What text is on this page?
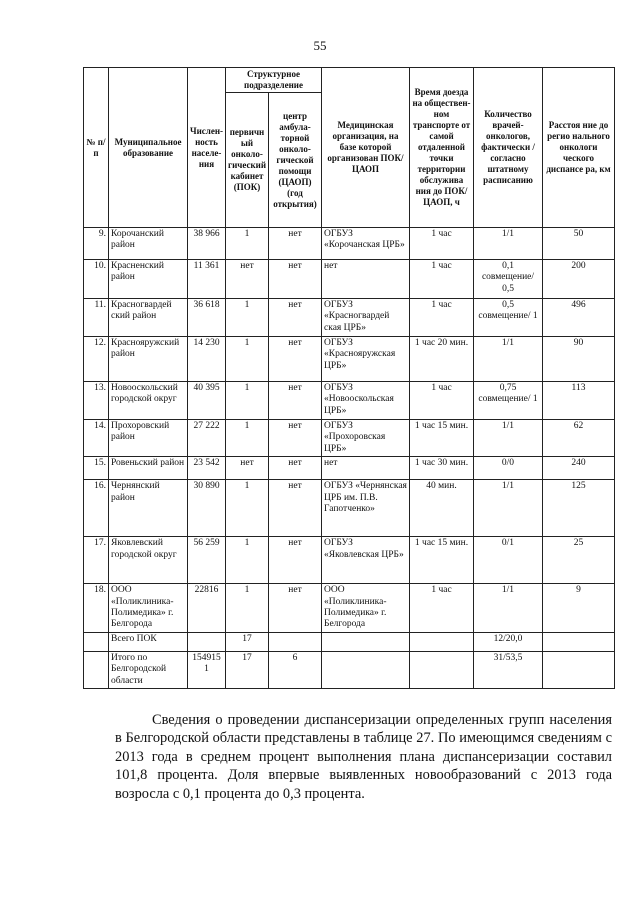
55
№ п/п	Муниципальное образование	Числен-ность населе-ния	Структурное подразделение		Медицинская организация, на базе которой организован ПОК/ЦАОП	Время доезда на обществен-ном транспорте от самой отдаленной точки территории обслужива ния до ПОК/ ЦАОП, ч	Количество врачей-онкологов, фактически /согласно штатному расписанию	Расстоя ние до регио нального онкологи ческого диспансе ра, км
			первичный онколо-гический кабинет (ПОК)	центр амбула-торной онколо-гической помощи (ЦАОП) (год открытия)				
9.	Корочанский район	38 966	1	нет	ОГБУЗ «Корочанская ЦРБ»	1 час	1/1	50
10.	Красненский район	11 361	нет	нет	нет	1 час	0,1 совмещение/ 0,5	200
11.	Красногвардей ский район	36 618	1	нет	ОГБУЗ «Красногвардей ская ЦРБ»	1 час	0,5 совмещение/ 1	496
12.	Краснояружский район	14 230	1	нет	ОГБУЗ «Краснояружская ЦРБ»	1 час 20 мин.	1/1	90
13.	Новооскольский городской округ	40 395	1	нет	ОГБУЗ «Новооскольская ЦРБ»	1 час	0,75 совмещение/ 1	113
14.	Прохоровский район	27 222	1	нет	ОГБУЗ «Прохоровская ЦРБ»	1 час 15 мин.	1/1	62
15.	Ровеньский район	23 542	нет	нет	нет	1 час 30 мин.	0/0	240
16.	Чернянский район	30 890	1	нет	ОГБУЗ «Чернянская ЦРБ им. П.В. Гапотченко»	40 мин.	1/1	125
17.	Яковлевский городской округ	56 259	1	нет	ОГБУЗ «Яковлевская ЦРБ»	1 час 15 мин.	0/1	25
18.	ООО «Поликлиника-Полимедика» г. Белгорода	22816	1	нет	ООО «Поликлиника-Полимедика» г. Белгорода	1 час	1/1	9
	Всего ПОК		17				12/20,0	
	Итого по Белгородской области	1549151	17	6			31/53,5	
Сведения о проведении диспансеризации определенных групп населения в Белгородской области представлены в таблице 27. По имеющимся сведениям с 2013 года в среднем процент выполнения плана диспансеризации составил 101,8 процента. Доля впервые выявленных новообразований с 2013 года возросла с 0,1 процента до 0,3 процента.
